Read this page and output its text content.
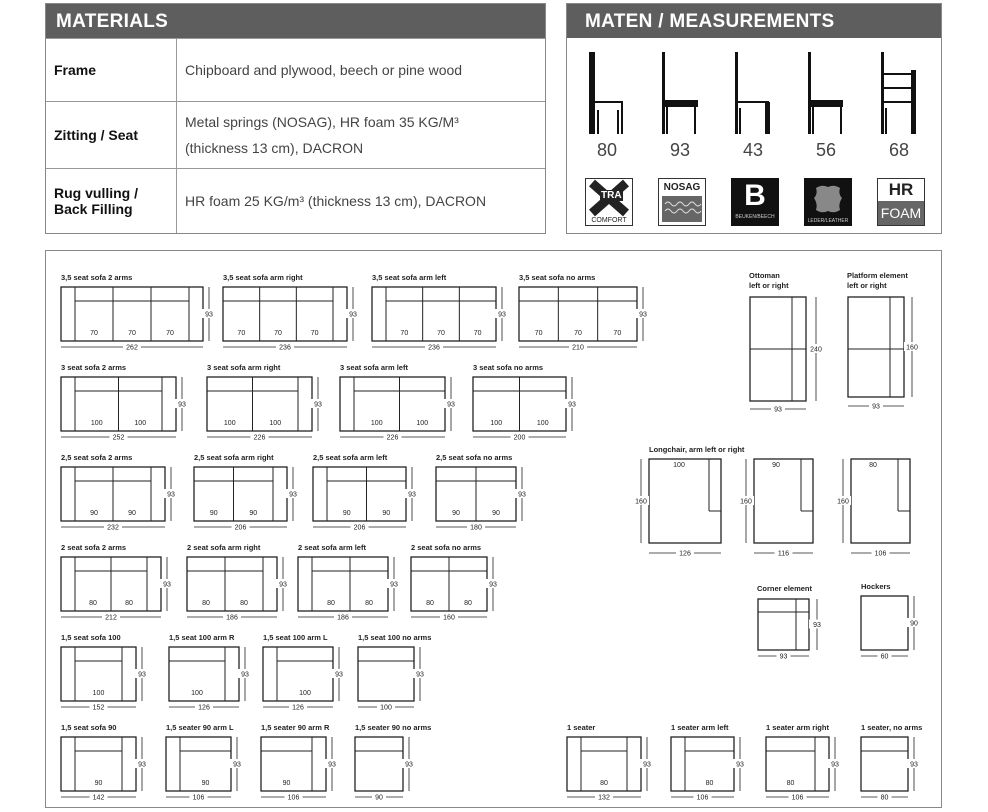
MATERIALS
Frame	Chipboard and plywood, beech or pine wood
Zitting / Seat	Metal springs (NOSAG), HR foam 35 KG/M³ (thickness 13 cm), DACRON
Rug vulling / Back Filling	HR foam 25 KG/m³ (thickness 13 cm), DACRON
MATEN / MEASUREMENTS
80	93	43	56	68
TRA
COMFORT
NOSAG	B
BEUKEN/BEECH
LEDER/LEATHER
HR
FOAM
3,5 seat sofa 2 arms
70	70	70
93
262
3,5 seat sofa arm right
70	70	70
93
236
3,5 seat sofa arm left
70	70	70
93
236
3,5 seat sofa no arms
70	70	70
93
210
3 seat sofa 2 arms
100	100
93
252
3 seat sofa arm right
100	100
93
226
3 seat sofa arm left
100	100
93
226
3 seat sofa no arms
100	100
93
200
2,5 seat sofa 2 arms
90	90
93
232
2,5 seat sofa arm right
90	90
93
206
2,5 seat sofa arm left
90	90
93
206
2,5 seat sofa no arms
90	90
93
180
2 seat sofa 2 arms
80	80
93
212
2 seat sofa arm right
80	80
93
186
2 seat sofa arm left
80	80
93
186
2 seat sofa no arms
80	80
93
160
1,5 seat sofa 100
100
93
152
1,5 seat 100 arm R
100
93
126
1,5 seat 100 arm L
100
93
126
1,5 seat 100 no arms
93
100
1,5 seat sofa 90
90
93
142
1,5 seater 90 arm L
90
93
106
1,5 seater 90 arm R
90
93
106
1,5 seater 90 no arms
93
90
1 seater
80
93
132
1 seater arm left
80
93
106
1 seater arm right
80
93
106
1 seater, no arms
93
80
Ottoman
left or right
240
93
Platform element
left or right
160
93
Longchair, arm left or right
100
160
126
90
160
116
80
160
106
Corner element
93
93
Hockers
90
60
